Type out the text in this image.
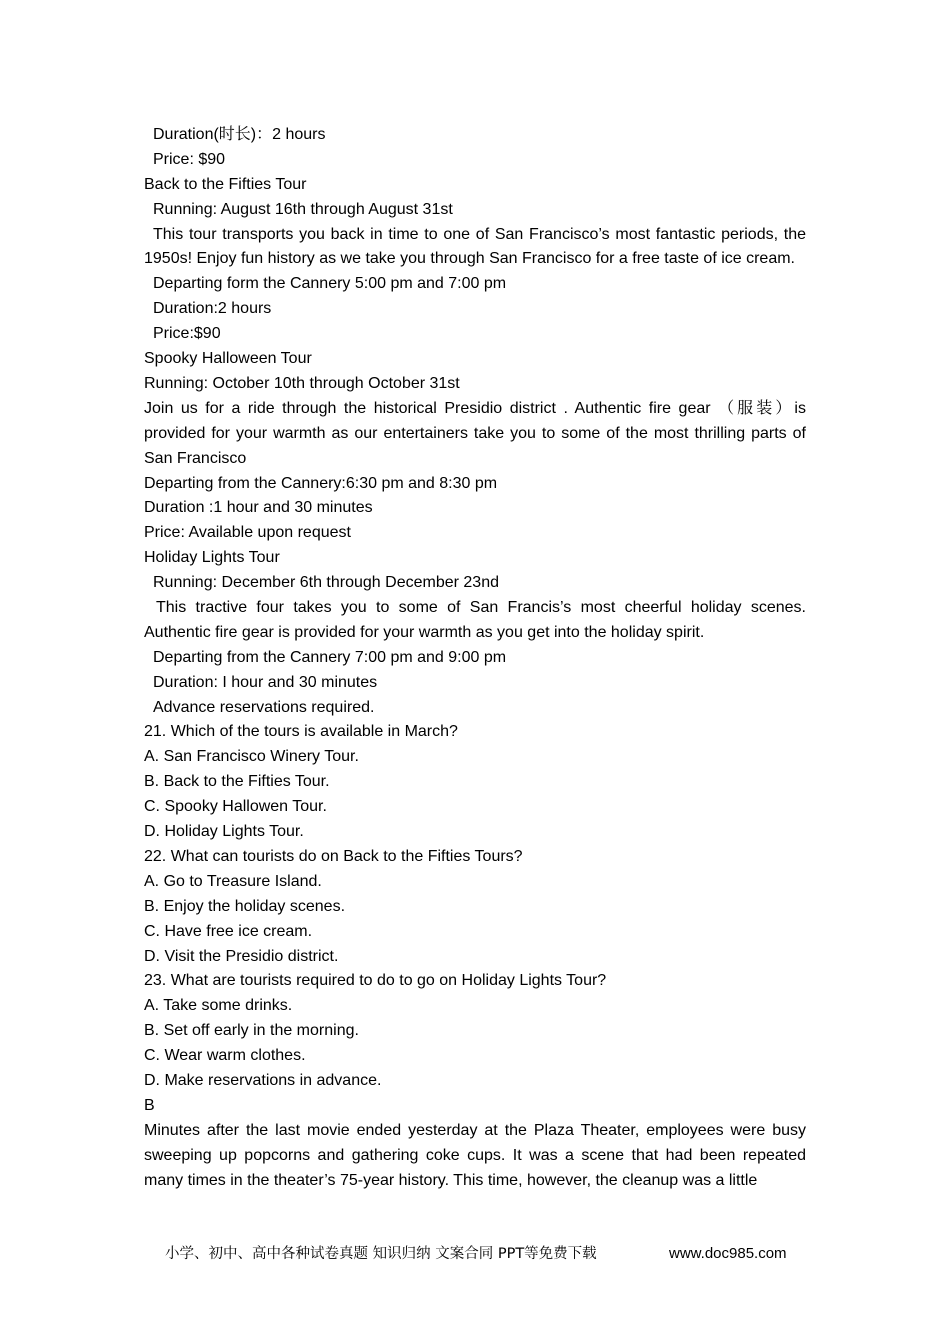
Duration(时长)：2 hours
Price: $90
Back to the Fifties Tour
Running: August 16th through August 31st
This tour transports you back in time to one of San Francisco’s most fantastic periods, the 1950s! Enjoy fun history as we take you through San Francisco for a free taste of ice cream.
Departing form the Cannery 5:00 pm and 7:00 pm
Duration:2 hours
Price:$90
Spooky Halloween Tour
Running: October 10th through October 31st
Join us for a ride through the historical Presidio district . Authentic fire gear （服装）is provided for your warmth as our entertainers take you to some of the most thrilling parts of San Francisco
Departing from the Cannery:6:30 pm and 8:30 pm
Duration :1 hour and 30 minutes
Price: Available upon request
Holiday Lights Tour
Running: December 6th through December 23nd
This tractive four takes you to some of San Francis’s most cheerful holiday scenes. Authentic fire gear is provided for your warmth as you get into the holiday spirit.
Departing from the Cannery 7:00 pm and 9:00 pm
Duration: I hour and 30 minutes
Advance reservations required.
21. Which of the tours is available in March?
A. San Francisco Winery Tour.
B. Back to the Fifties Tour.
C. Spooky Hallowen Tour.
D. Holiday Lights Tour.
22. What can tourists do on Back to the Fifties Tours?
A. Go to Treasure Island.
B. Enjoy the holiday scenes.
C. Have free ice cream.
D. Visit the Presidio district.
23. What are tourists required to do to go on Holiday Lights Tour?
A. Take some drinks.
B. Set off early in the morning.
C. Wear warm clothes.
D. Make reservations in advance.
B
Minutes after the last movie ended yesterday at the Plaza Theater, employees were busy sweeping up popcorns and gathering coke cups. It was a scene that had been repeated many times in the theater’s 75-year history. This time, however, the cleanup was a little
小学、初中、高中各种试卷真题 知识归纳 文案合同 PPT等免费下载	www.doc985.com
